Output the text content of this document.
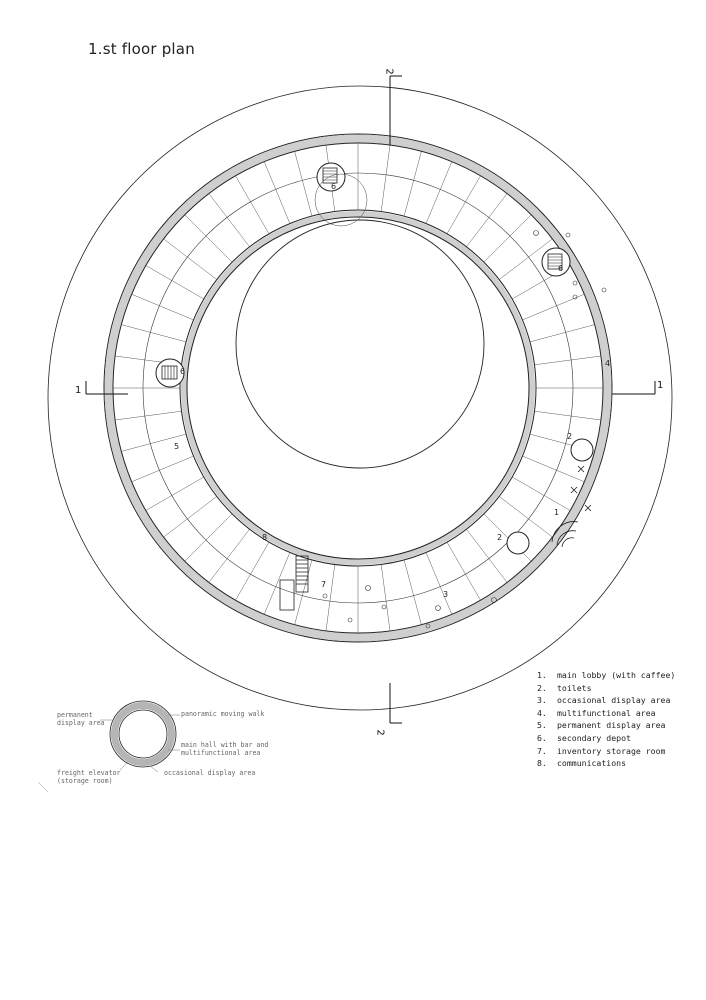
1.st floor plan
1	1
2
2
1
2
2
3
4
5
6
6
6
7
8
1. main lobby (with caffee)
2. toilets
3. occasional display area
4. multifunctional area
5. permanent display area
6. secondary depot
7. inventory storage room
8. communications
permanent
display area
panoramic moving walk
main hall with bar and
multifunctional area
freight elevator
(storage room)
occasional display area
